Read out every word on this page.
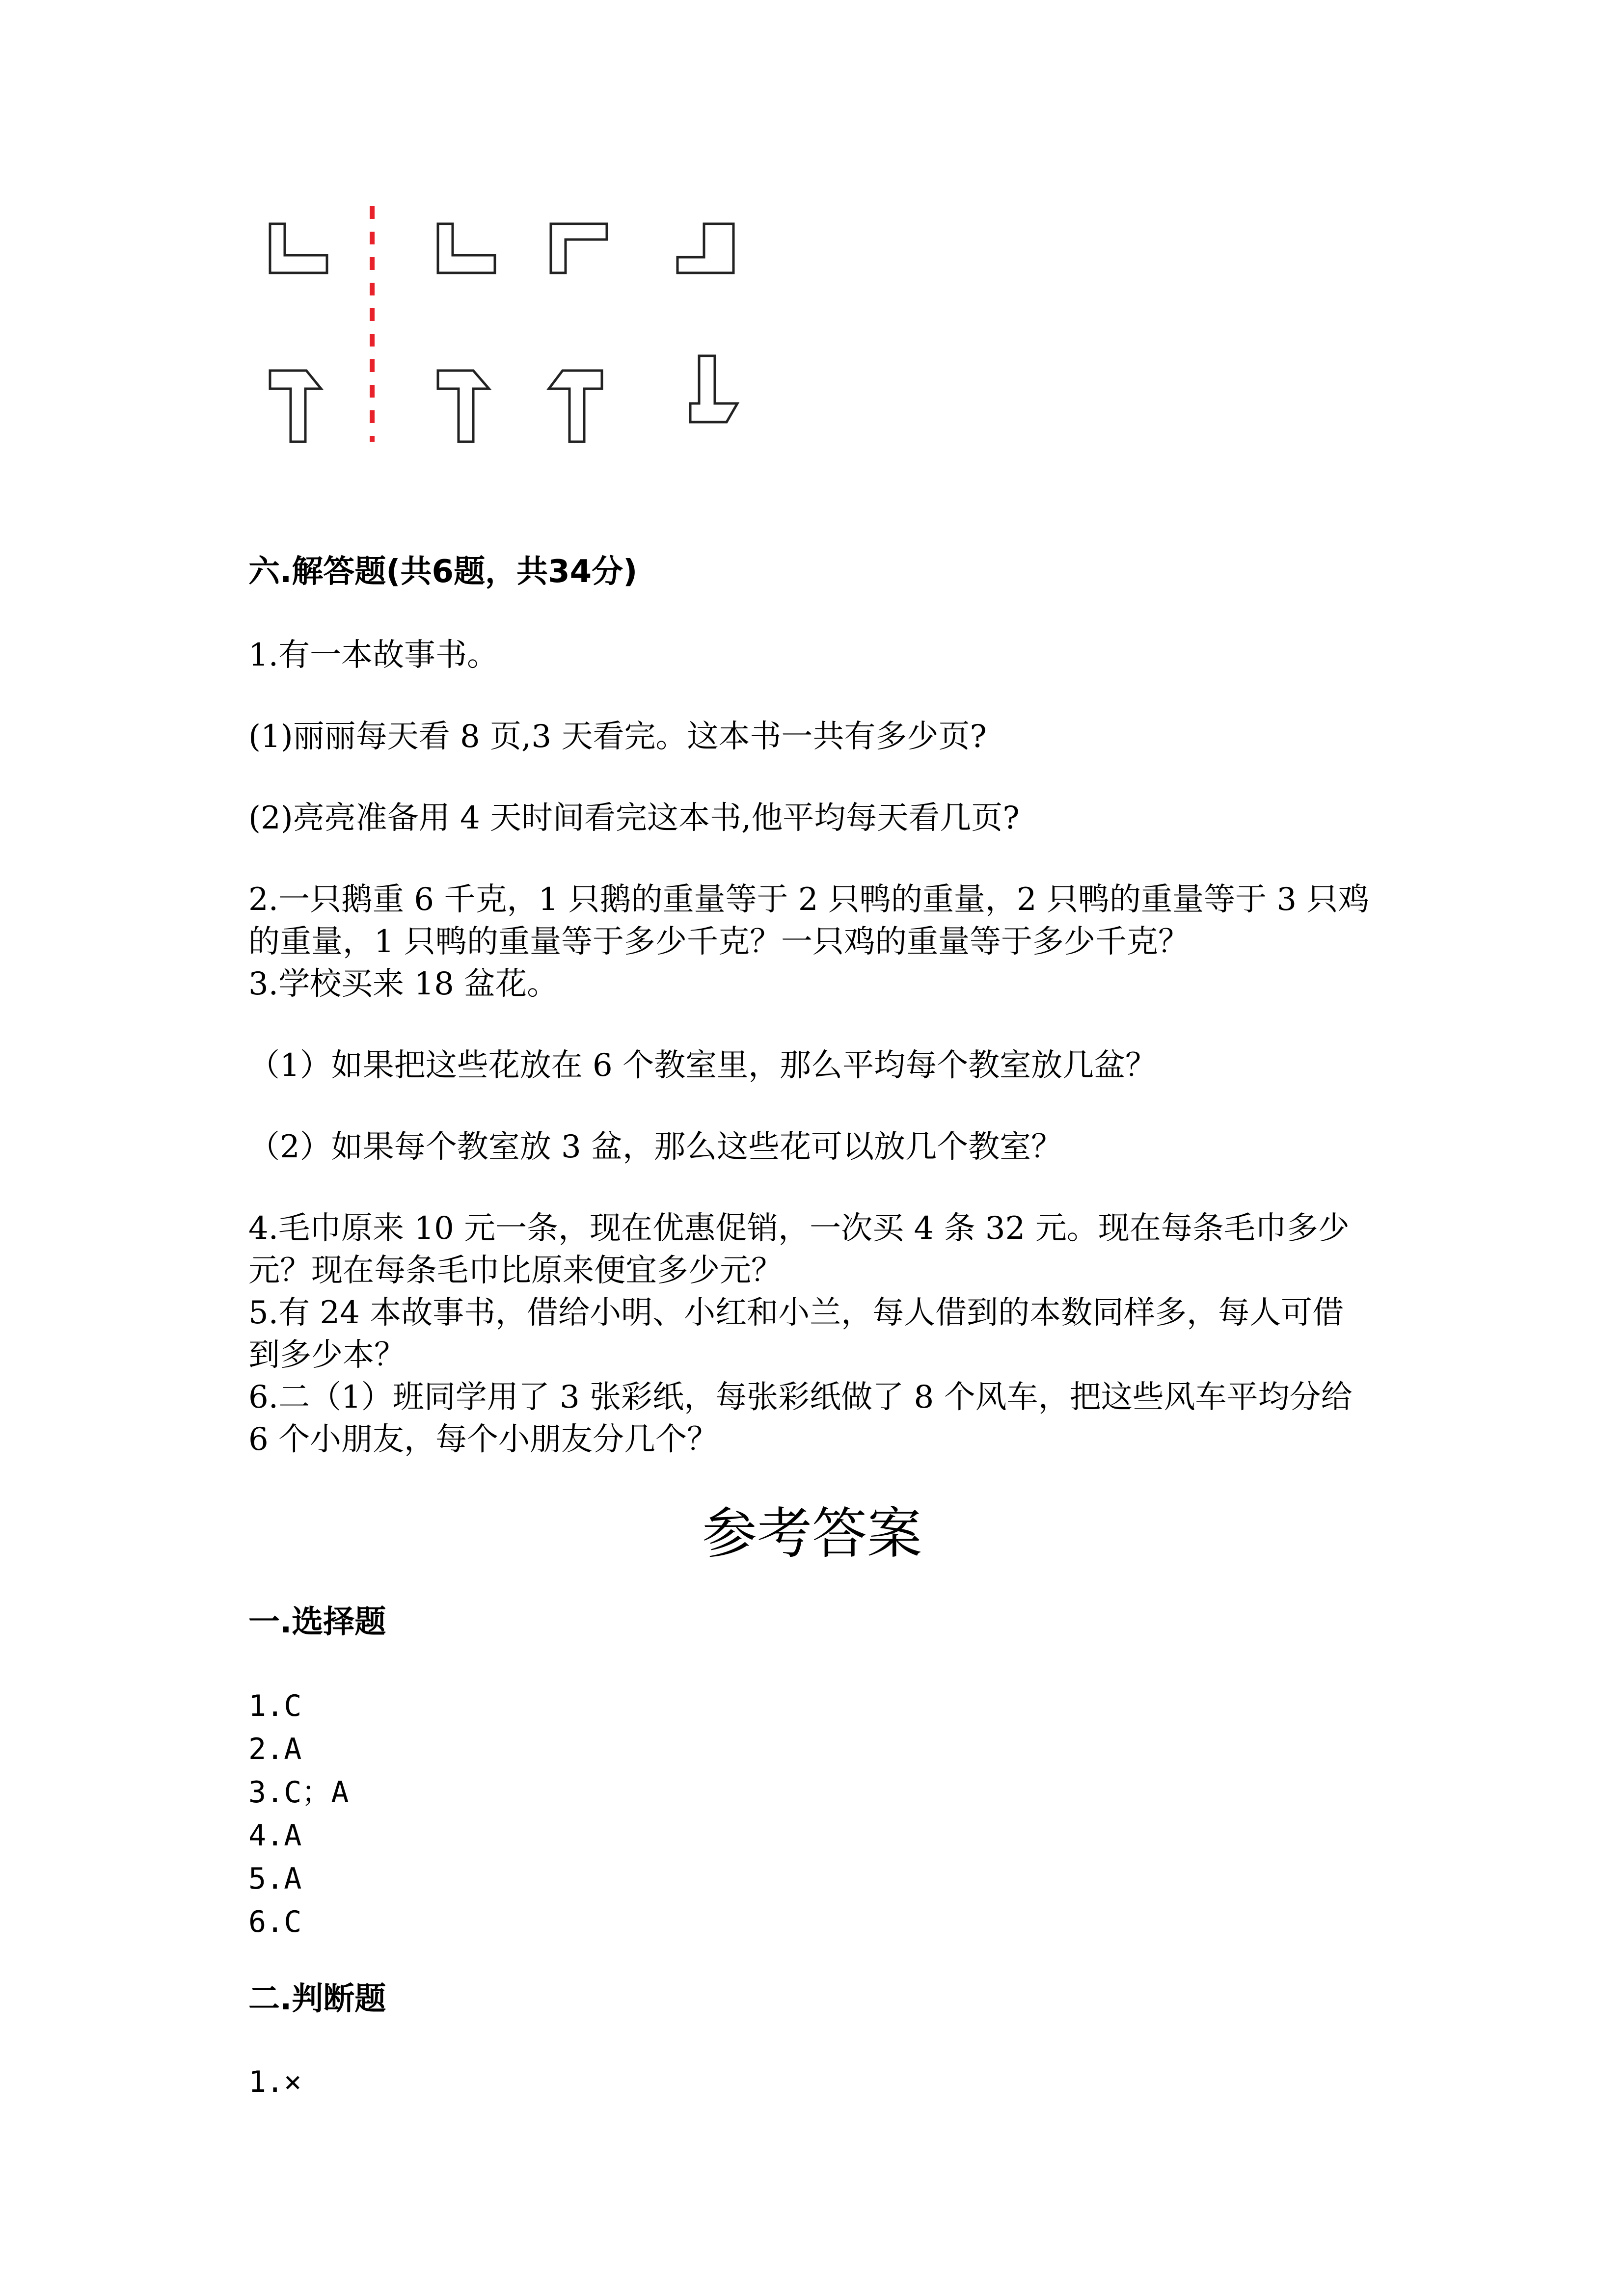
六.解答题(共6题，共34分)
1.有一本故事书。
(1)丽丽每天看 8 页,3 天看完。这本书一共有多少页?
(2)亮亮准备用 4 天时间看完这本书,他平均每天看几页?
2.一只鹅重 6 千克，1 只鹅的重量等于 2 只鸭的重量，2 只鸭的重量等于 3 只鸡
的重量，1 只鸭的重量等于多少千克？一只鸡的重量等于多少千克？
3.学校买来 18 盆花。
（1）如果把这些花放在 6 个教室里，那么平均每个教室放几盆？
（2）如果每个教室放 3 盆，那么这些花可以放几个教室？
4.毛巾原来 10 元一条，现在优惠促销，一次买 4 条 32 元。现在每条毛巾多少
元？现在每条毛巾比原来便宜多少元？
5.有 24 本故事书，借给小明、小红和小兰，每人借到的本数同样多，每人可借
到多少本？
6.二（1）班同学用了 3 张彩纸，每张彩纸做了 8 个风车，把这些风车平均分给
6 个小朋友，每个小朋友分几个？
参考答案
一.选择题
1.C
2.A
3.C；A
4.A
5.A
6.C
二.判断题
1.×
